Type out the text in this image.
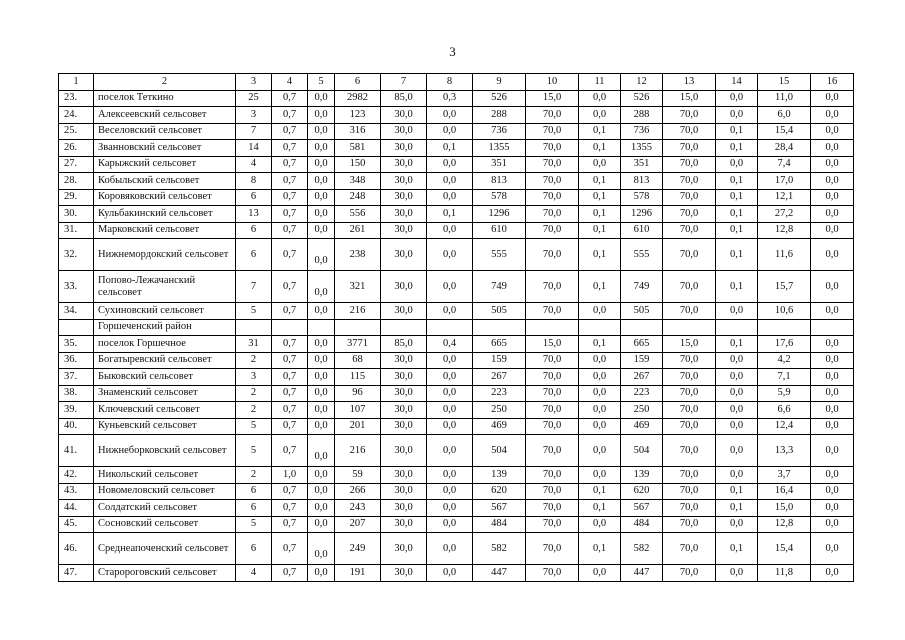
3
1	2	3	4	5	6	7	8	9	10	11	12	13	14	15	16
23.	поселок Теткино	25	0,7	0,0	2982	85,0	0,3	526	15,0	0,0	526	15,0	0,0	11,0	0,0
24.	Алексеевский сельсовет	3	0,7	0,0	123	30,0	0,0	288	70,0	0,0	288	70,0	0,0	6,0	0,0
25.	Веселовский сельсовет	7	0,7	0,0	316	30,0	0,0	736	70,0	0,1	736	70,0	0,1	15,4	0,0
26.	Званновский сельсовет	14	0,7	0,0	581	30,0	0,1	1355	70,0	0,1	1355	70,0	0,1	28,4	0,0
27.	Карыжский сельсовет	4	0,7	0,0	150	30,0	0,0	351	70,0	0,0	351	70,0	0,0	7,4	0,0
28.	Кобыльский сельсовет	8	0,7	0,0	348	30,0	0,0	813	70,0	0,1	813	70,0	0,1	17,0	0,0
29.	Коровяковский сельсовет	6	0,7	0,0	248	30,0	0,0	578	70,0	0,1	578	70,0	0,1	12,1	0,0
30.	Кульбакинский сельсовет	13	0,7	0,0	556	30,0	0,1	1296	70,0	0,1	1296	70,0	0,1	27,2	0,0
31.	Марковский сельсовет	6	0,7	0,0	261	30,0	0,0	610	70,0	0,1	610	70,0	0,1	12,8	0,0
32.	Нижнемордокский сельсовет	6	0,7	0,0	238	30,0	0,0	555	70,0	0,1	555	70,0	0,1	11,6	0,0
33.	Попово-Лежачанский сельсовет	7	0,7	0,0	321	30,0	0,0	749	70,0	0,1	749	70,0	0,1	15,7	0,0
34.	Сухиновский сельсовет	5	0,7	0,0	216	30,0	0,0	505	70,0	0,0	505	70,0	0,0	10,6	0,0
	Горшеченский район														
35.	поселок Горшечное	31	0,7	0,0	3771	85,0	0,4	665	15,0	0,1	665	15,0	0,1	17,6	0,0
36.	Богатыревский сельсовет	2	0,7	0,0	68	30,0	0,0	159	70,0	0,0	159	70,0	0,0	4,2	0,0
37.	Быковский сельсовет	3	0,7	0,0	115	30,0	0,0	267	70,0	0,0	267	70,0	0,0	7,1	0,0
38.	Знаменский сельсовет	2	0,7	0,0	96	30,0	0,0	223	70,0	0,0	223	70,0	0,0	5,9	0,0
39.	Ключевский сельсовет	2	0,7	0,0	107	30,0	0,0	250	70,0	0,0	250	70,0	0,0	6,6	0,0
40.	Куньевский сельсовет	5	0,7	0,0	201	30,0	0,0	469	70,0	0,0	469	70,0	0,0	12,4	0,0
41.	Нижнеборковский сельсовет	5	0,7	0,0	216	30,0	0,0	504	70,0	0,0	504	70,0	0,0	13,3	0,0
42.	Никольский сельсовет	2	1,0	0,0	59	30,0	0,0	139	70,0	0,0	139	70,0	0,0	3,7	0,0
43.	Новомеловский сельсовет	6	0,7	0,0	266	30,0	0,0	620	70,0	0,1	620	70,0	0,1	16,4	0,0
44.	Солдатский сельсовет	6	0,7	0,0	243	30,0	0,0	567	70,0	0,1	567	70,0	0,1	15,0	0,0
45.	Сосновский сельсовет	5	0,7	0,0	207	30,0	0,0	484	70,0	0,0	484	70,0	0,0	12,8	0,0
46.	Среднеапоченский сельсовет	6	0,7	0,0	249	30,0	0,0	582	70,0	0,1	582	70,0	0,1	15,4	0,0
47.	Старороговский сельсовет	4	0,7	0,0	191	30,0	0,0	447	70,0	0,0	447	70,0	0,0	11,8	0,0
